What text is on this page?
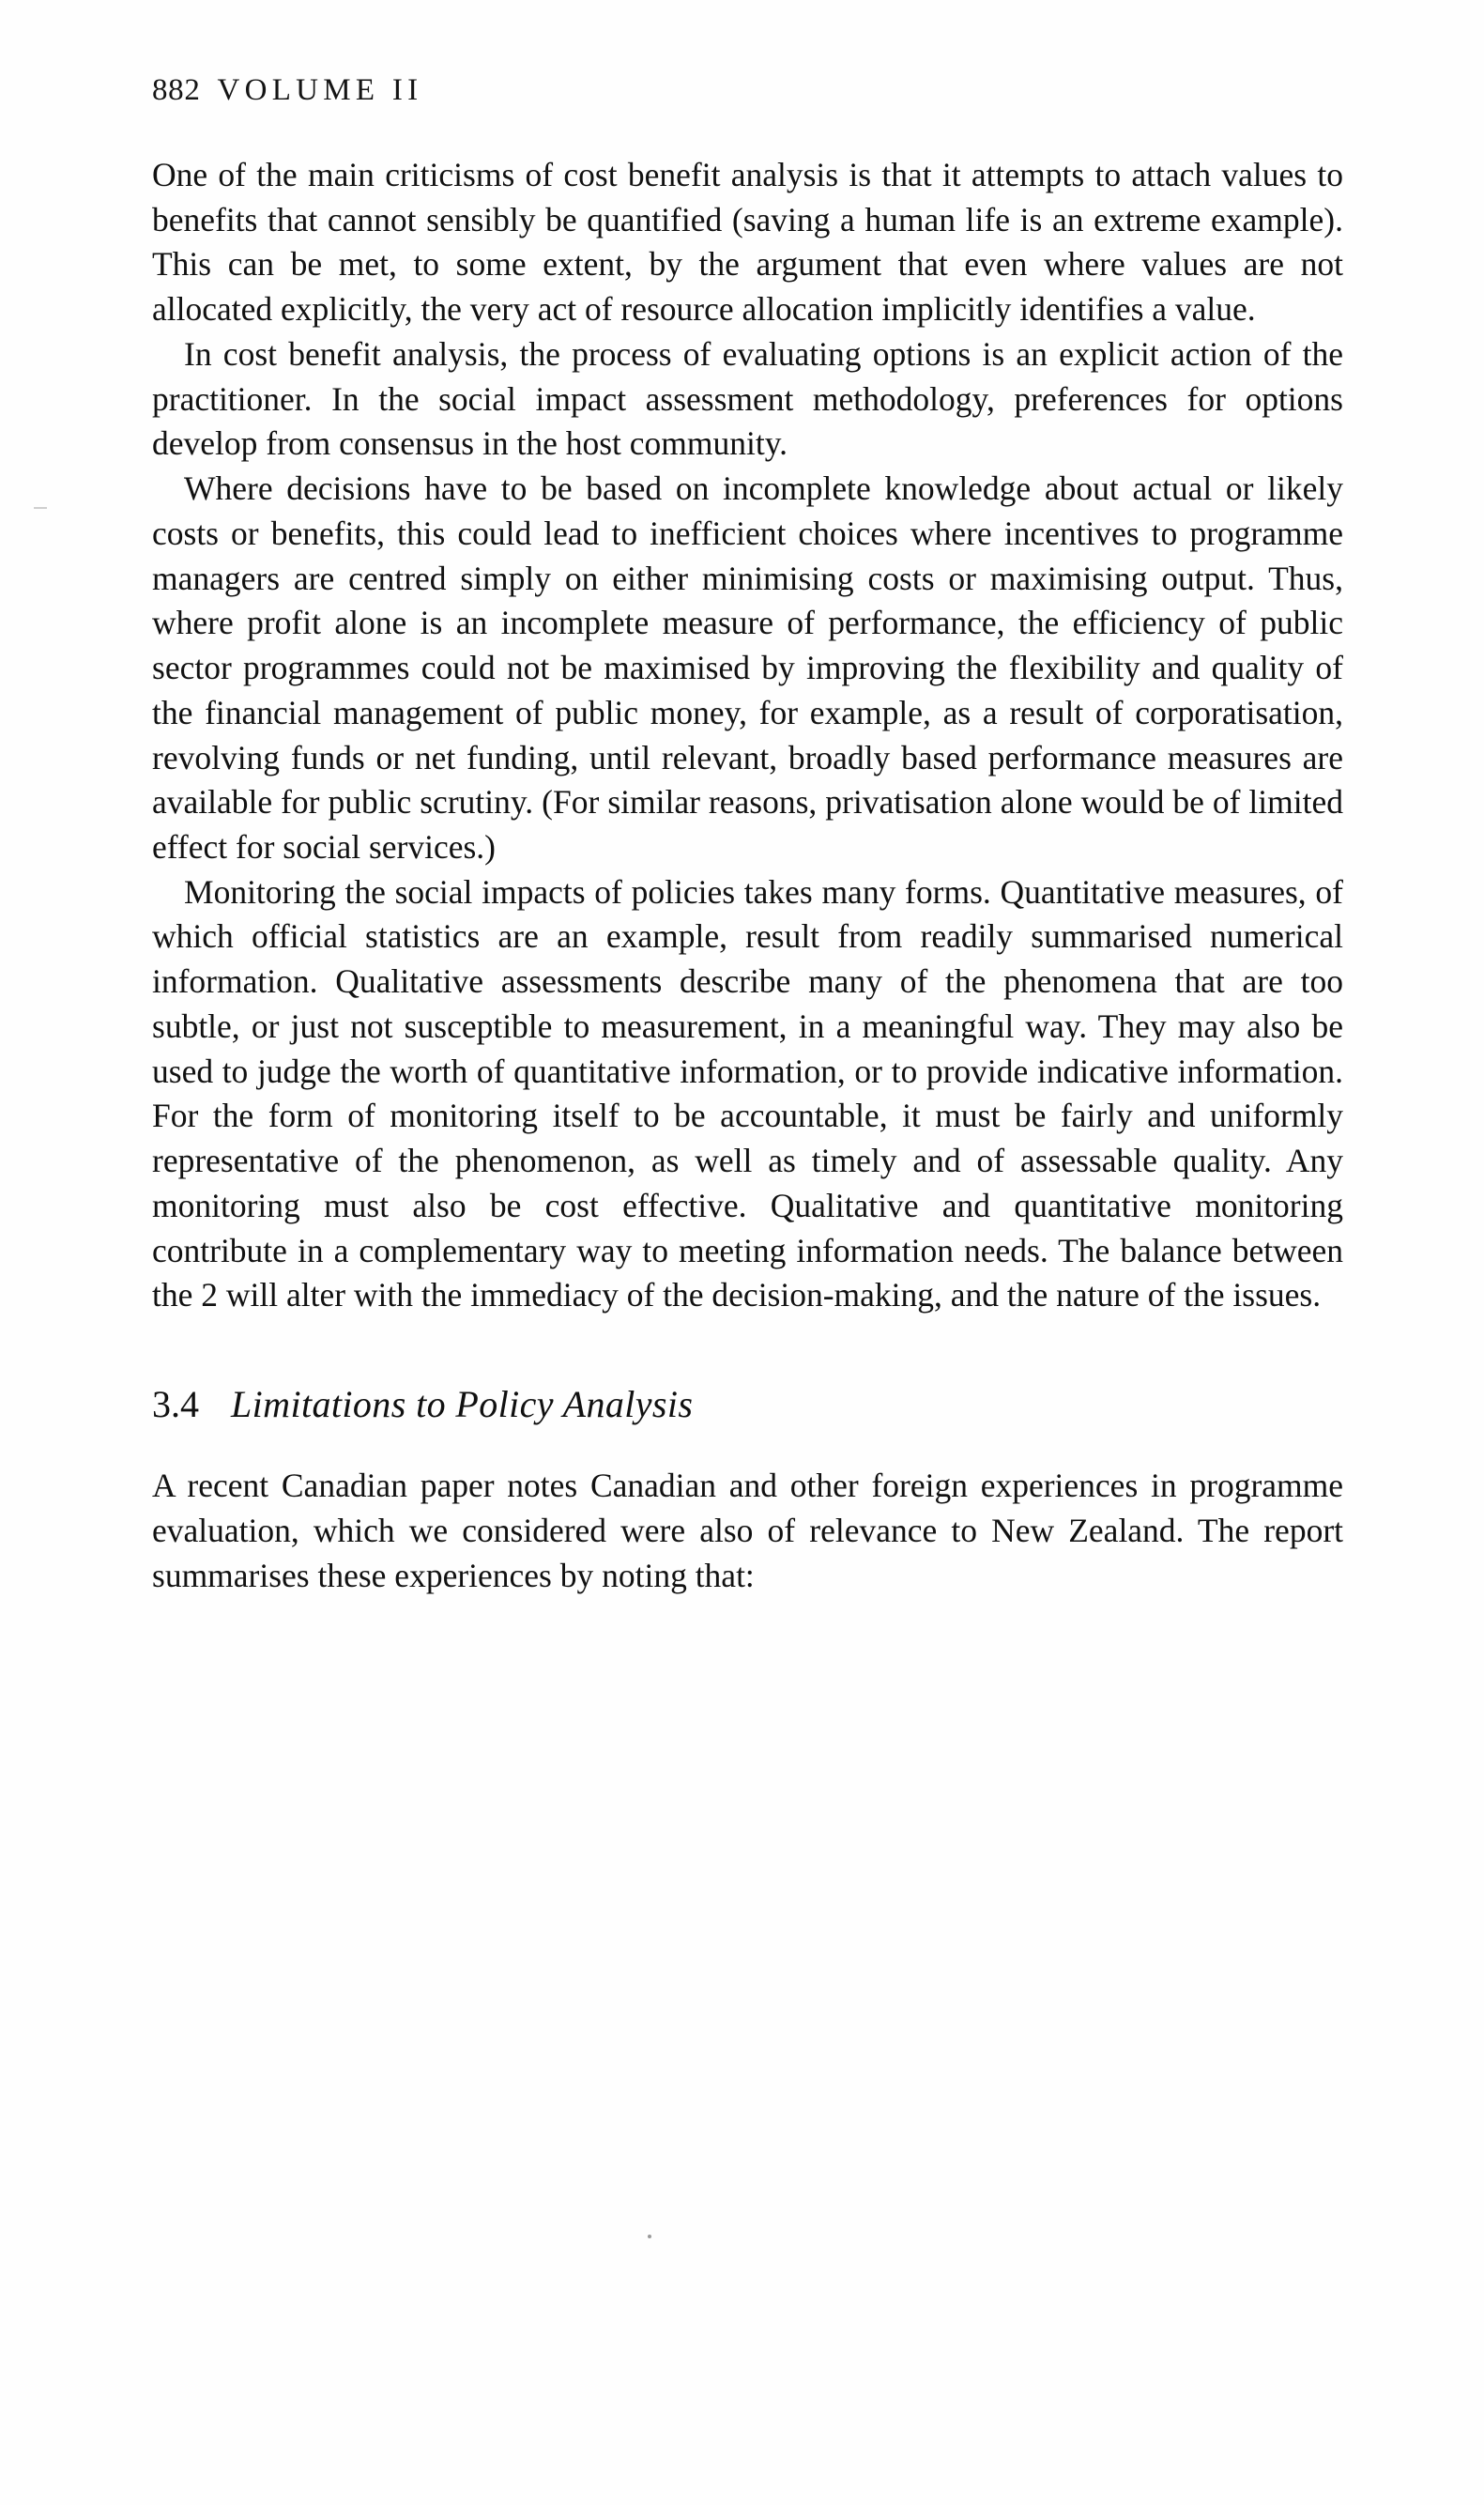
882 VOLUME II

One of the main criticisms of cost benefit analysis is that it attempts to attach values to benefits that cannot sensibly be quantified (saving a human life is an extreme example). This can be met, to some extent, by the argument that even where values are not allocated explicitly, the very act of resource allocation implicitly identifies a value.

In cost benefit analysis, the process of evaluating options is an explicit action of the practitioner. In the social impact assessment methodology, preferences for options develop from consensus in the host community.

Where decisions have to be based on incomplete knowledge about actual or likely costs or benefits, this could lead to inefficient choices where incentives to programme managers are centred simply on either minimising costs or maximising output. Thus, where profit alone is an incomplete measure of performance, the efficiency of public sector programmes could not be maximised by improving the flexibility and quality of the financial management of public money, for example, as a result of corporatisation, revolving funds or net funding, until relevant, broadly based performance measures are available for public scrutiny. (For similar reasons, privatisation alone would be of limited effect for social services.)

Monitoring the social impacts of policies takes many forms. Quantitative measures, of which official statistics are an example, result from readily summarised numerical information. Qualitative assessments describe many of the phenomena that are too subtle, or just not susceptible to measurement, in a meaningful way. They may also be used to judge the worth of quantitative information, or to provide indicative information. For the form of monitoring itself to be accountable, it must be fairly and uniformly representative of the phenomenon, as well as timely and of assessable quality. Any monitoring must also be cost effective. Qualitative and quantitative monitoring contribute in a complementary way to meeting information needs. The balance between the 2 will alter with the immediacy of the decision-making, and the nature of the issues.

3.4 Limitations to Policy Analysis

A recent Canadian paper notes Canadian and other foreign experiences in programme evaluation, which we considered were also of relevance to New Zealand. The report summarises these experiences by noting that:
